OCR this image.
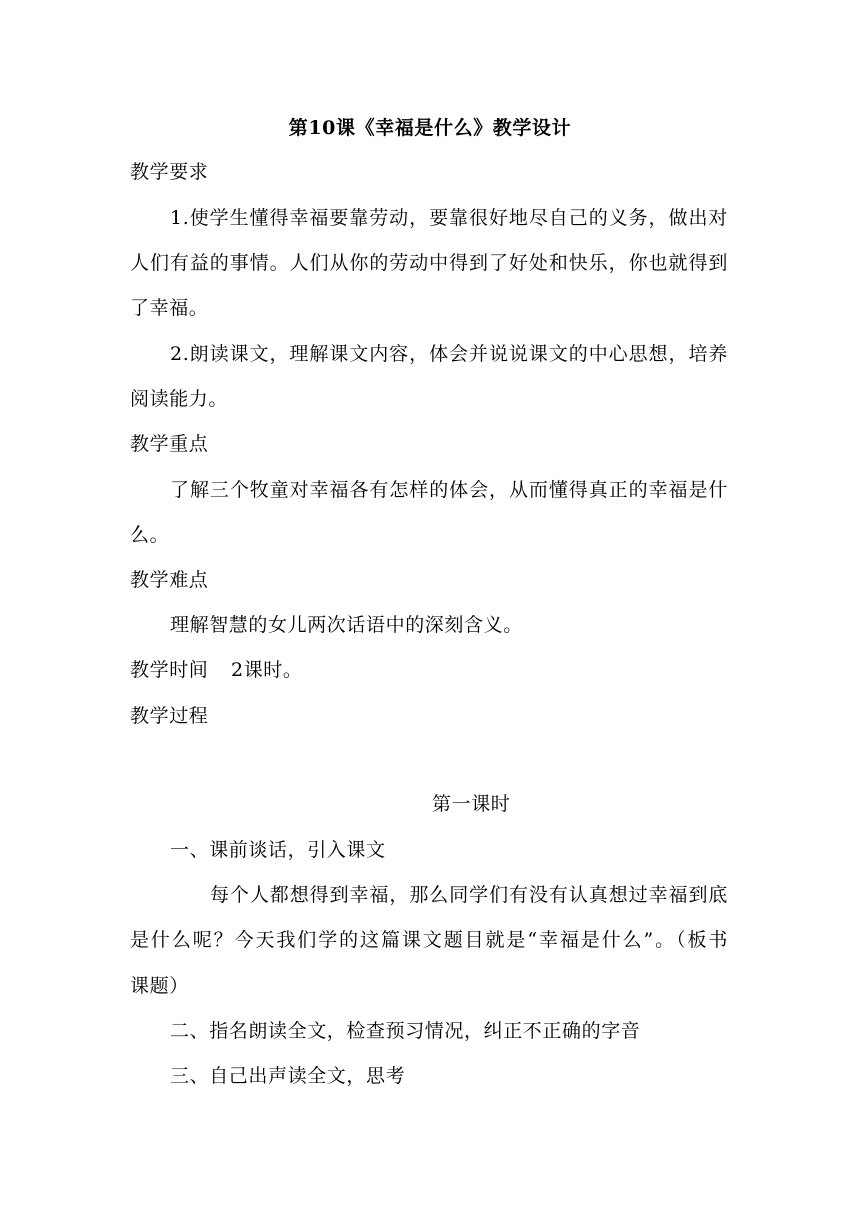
第10课《幸福是什么》教学设计
教学要求
1.使学生懂得幸福要靠劳动，要靠很好地尽自己的义务，做出对
人们有益的事情。人们从你的劳动中得到了好处和快乐，你也就得到
了幸福。
2.朗读课文，理解课文内容，体会并说说课文的中心思想，培养
阅读能力。
教学重点
了解三个牧童对幸福各有怎样的体会，从而懂得真正的幸福是什
么。
教学难点
理解智慧的女儿两次话语中的深刻含义。
教学时间 2课时。
教学过程
第一课时
一、课前谈话，引入课文
每个人都想得到幸福，那么同学们有没有认真想过幸福到底
是什么呢？今天我们学的这篇课文题目就是“幸福是什么”。（板书
课题）
二、指名朗读全文，检查预习情况，纠正不正确的字音
三、自己出声读全文，思考
